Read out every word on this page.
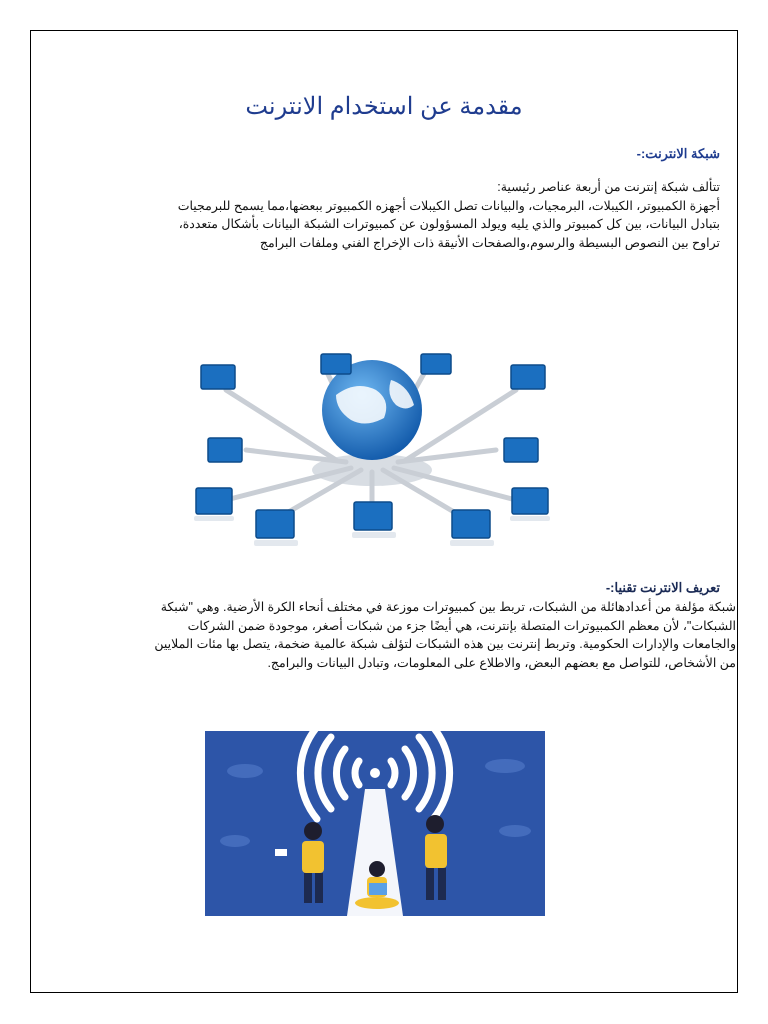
مقدمة عن استخدام الانترنت
شبكة الانترنت:-
تتألف شبكة إنترنت من أربعة عناصر رئيسية:
أجهزة الكمبيوتر، الكيبلات، البرمجيات، والبيانات تصل الكيبلات أجهزه الكمبيوتر ببعضها،مما يسمح للبرمجيات
بتبادل البيانات، بين كل كمبيوتر والذي يليه ويولد المسؤولون عن كمبيوترات الشبكة البيانات بأشكال متعددة،
تراوح بين النصوص البسيطة والرسوم،والصفحات الأنيقة ذات الإخراج الفني وملفات البرامج
تعريف الانترنت تقنيا:-
شبكة مؤلفة من أعدادهائلة من الشبكات، تربط بين كمبيوترات موزعة في مختلف أنحاء الكرة الأرضية. وهي "شبكة
الشبكات"، لأن معظم الكمبيوترات المتصلة بإنترنت، هي أيضًا جزء من شبكات أصغر، موجودة ضمن الشركات
والجامعات والإدارات الحكومية. وتربط إنترنت بين هذه الشبكات لتؤلف شبكة عالمية ضخمة، يتصل بها مئات الملايين
من الأشخاص، للتواصل مع بعضهم البعض، والاطلاع على المعلومات، وتبادل البيانات والبرامج.
